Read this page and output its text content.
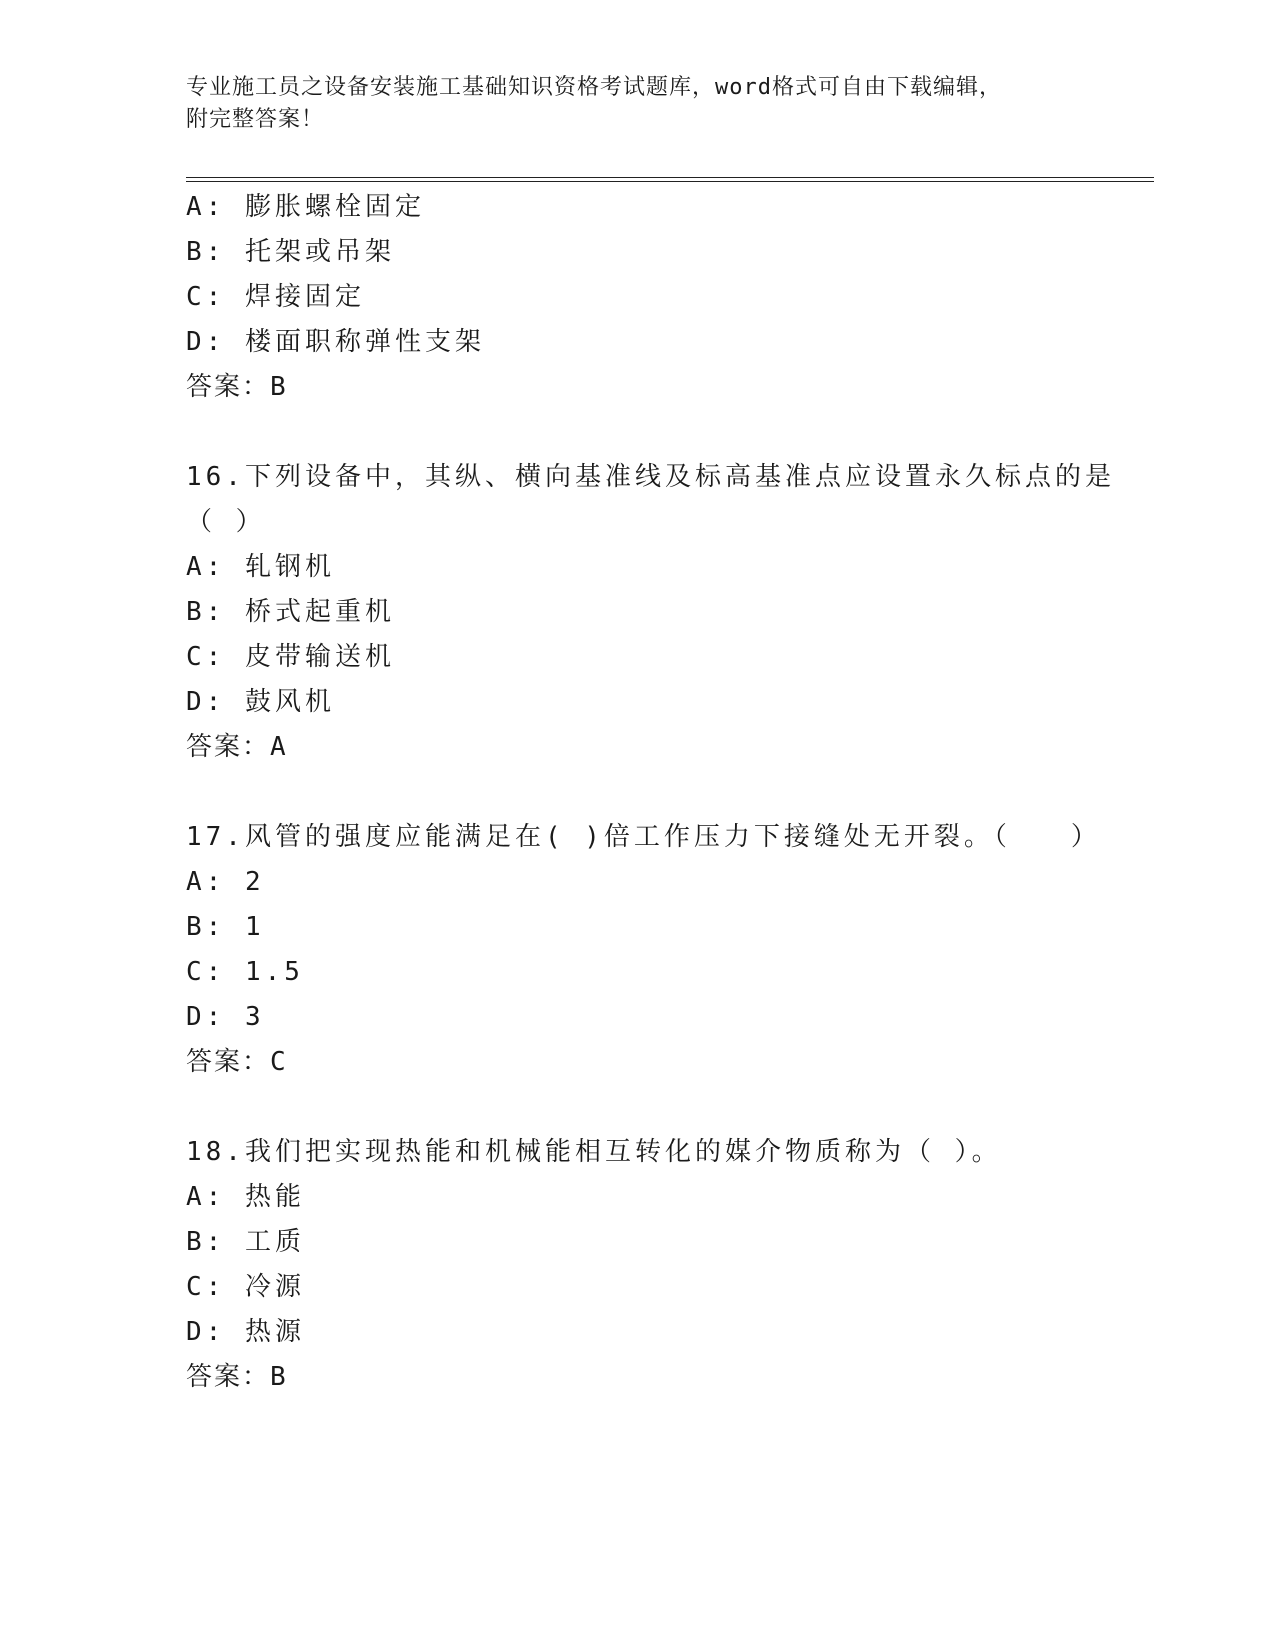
专业施工员之设备安装施工基础知识资格考试题库，word格式可自由下载编辑，
附完整答案！
A: 膨胀螺栓固定
B: 托架或吊架
C: 焊接固定
D: 楼面职称弹性支架
答案：B
16.下列设备中，其纵、横向基准线及标高基准点应设置永久标点的是
（ ）
A: 轧钢机
B: 桥式起重机
C: 皮带输送机
D: 鼓风机
答案：A
17.风管的强度应能满足在( )倍工作压力下接缝处无开裂。（　　）
A: 2
B: 1
C: 1.5
D: 3
答案：C
18.我们把实现热能和机械能相互转化的媒介物质称为（ ）。
A: 热能
B: 工质
C: 冷源
D: 热源
答案：B
